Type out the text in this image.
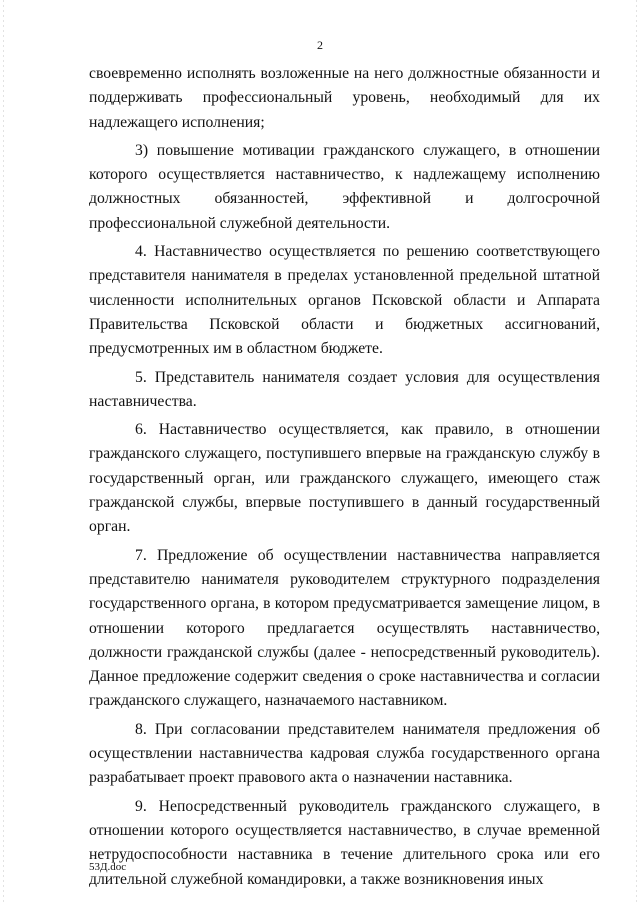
2

своевременно исполнять возложенные на него должностные обязанности и поддерживать профессиональный уровень, необходимый для их надлежащего исполнения;

3) повышение мотивации гражданского служащего, в отношении которого осуществляется наставничество, к надлежащему исполнению должностных обязанностей, эффективной и долгосрочной профессиональной служебной деятельности.

4. Наставничество осуществляется по решению соответствующего представителя нанимателя в пределах установленной предельной штатной численности исполнительных органов Псковской области и Аппарата Правительства Псковской области и бюджетных ассигнований, предусмотренных им в областном бюджете.

5. Представитель нанимателя создает условия для осуществления наставничества.

6. Наставничество осуществляется, как правило, в отношении гражданского служащего, поступившего впервые на гражданскую службу в государственный орган, или гражданского служащего, имеющего стаж гражданской службы, впервые поступившего в данный государственный орган.

7. Предложение об осуществлении наставничества направляется представителю нанимателя руководителем структурного подразделения государственного органа, в котором предусматривается замещение лицом, в отношении которого предлагается осуществлять наставничество, должности гражданской службы (далее - непосредственный руководитель). Данное предложение содержит сведения о сроке наставничества и согласии гражданского служащего, назначаемого наставником.

8. При согласовании представителем нанимателя предложения об осуществлении наставничества кадровая служба государственного органа разрабатывает проект правового акта о назначении наставника.

9. Непосредственный руководитель гражданского служащего, в отношении которого осуществляется наставничество, в случае временной нетрудоспособности наставника в течение длительного срока или его длительной служебной командировки, а также возникновения иных

53Д.doc
